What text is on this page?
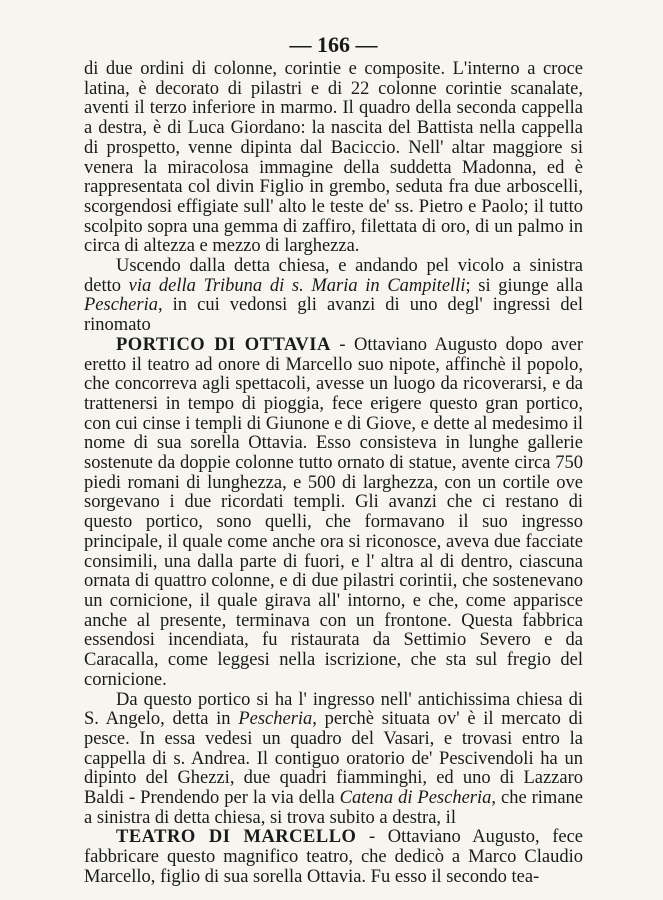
— 166 —

di due ordini di colonne, corintie e composite. L'interno a croce latina, è decorato di pilastri e di 22 colonne corintie scanalate, aventi il terzo inferiore in marmo. Il quadro della seconda cappella a destra, è di Luca Giordano: la nascita del Battista nella cappella di prospetto, venne dipinta dal Baciccio. Nell' altar maggiore si venera la miracolosa immagine della suddetta Madonna, ed è rappresentata col divin Figlio in grembo, seduta fra due arboscelli, scorgendosi effigiate sull' alto le teste de' ss. Pietro e Paolo; il tutto scolpito sopra una gemma di zaffiro, filettata di oro, di un palmo in circa di altezza e mezzo di larghezza.

Uscendo dalla detta chiesa, e andando pel vicolo a sinistra detto via della Tribuna di s. Maria in Campitelli; si giunge alla Pescheria, in cui vedonsi gli avanzi di uno degl' ingressi del rinomato

PORTICO DI OTTAVIA - Ottaviano Augusto dopo aver eretto il teatro ad onore di Marcello suo nipote, affinchè il popolo, che concorreva agli spettacoli, avesse un luogo da ricoverarsi, e da trattenersi in tempo di pioggia, fece erigere questo gran portico, con cui cinse i templi di Giunone e di Giove, e dette al medesimo il nome di sua sorella Ottavia. Esso consisteva in lunghe gallerie sostenute da doppie colonne tutto ornato di statue, avente circa 750 piedi romani di lunghezza, e 500 di larghezza, con un cortile ove sorgevano i due ricordati templi. Gli avanzi che ci restano di questo portico, sono quelli, che formavano il suo ingresso principale, il quale come anche ora si riconosce, aveva due facciate consimili, una dalla parte di fuori, e l' altra al di dentro, ciascuna ornata di quattro colonne, e di due pilastri corintii, che sostenevano un cornicione, il quale girava all' intorno, e che, come apparisce anche al presente, terminava con un frontone. Questa fabbrica essendosi incendiata, fu ristaurata da Settimio Severo e da Caracalla, come leggesi nella iscrizione, che sta sul fregio del cornicione.

Da questo portico si ha l' ingresso nell' antichissima chiesa di S. Angelo, detta in Pescheria, perchè situata ov' è il mercato di pesce. In essa vedesi un quadro del Vasari, e trovasi entro la cappella di s. Andrea. Il contiguo oratorio de' Pescivendoli ha un dipinto del Ghezzi, due quadri fiamminghi, ed uno di Lazzaro Baldi - Prendendo per la via della Catena di Pescheria, che rimane a sinistra di detta chiesa, si trova subito a destra, il

TEATRO DI MARCELLO - Ottaviano Augusto, fece fabbricare questo magnifico teatro, che dedicò a Marco Claudio Marcello, figlio di sua sorella Ottavia. Fu esso il secondo tea-
